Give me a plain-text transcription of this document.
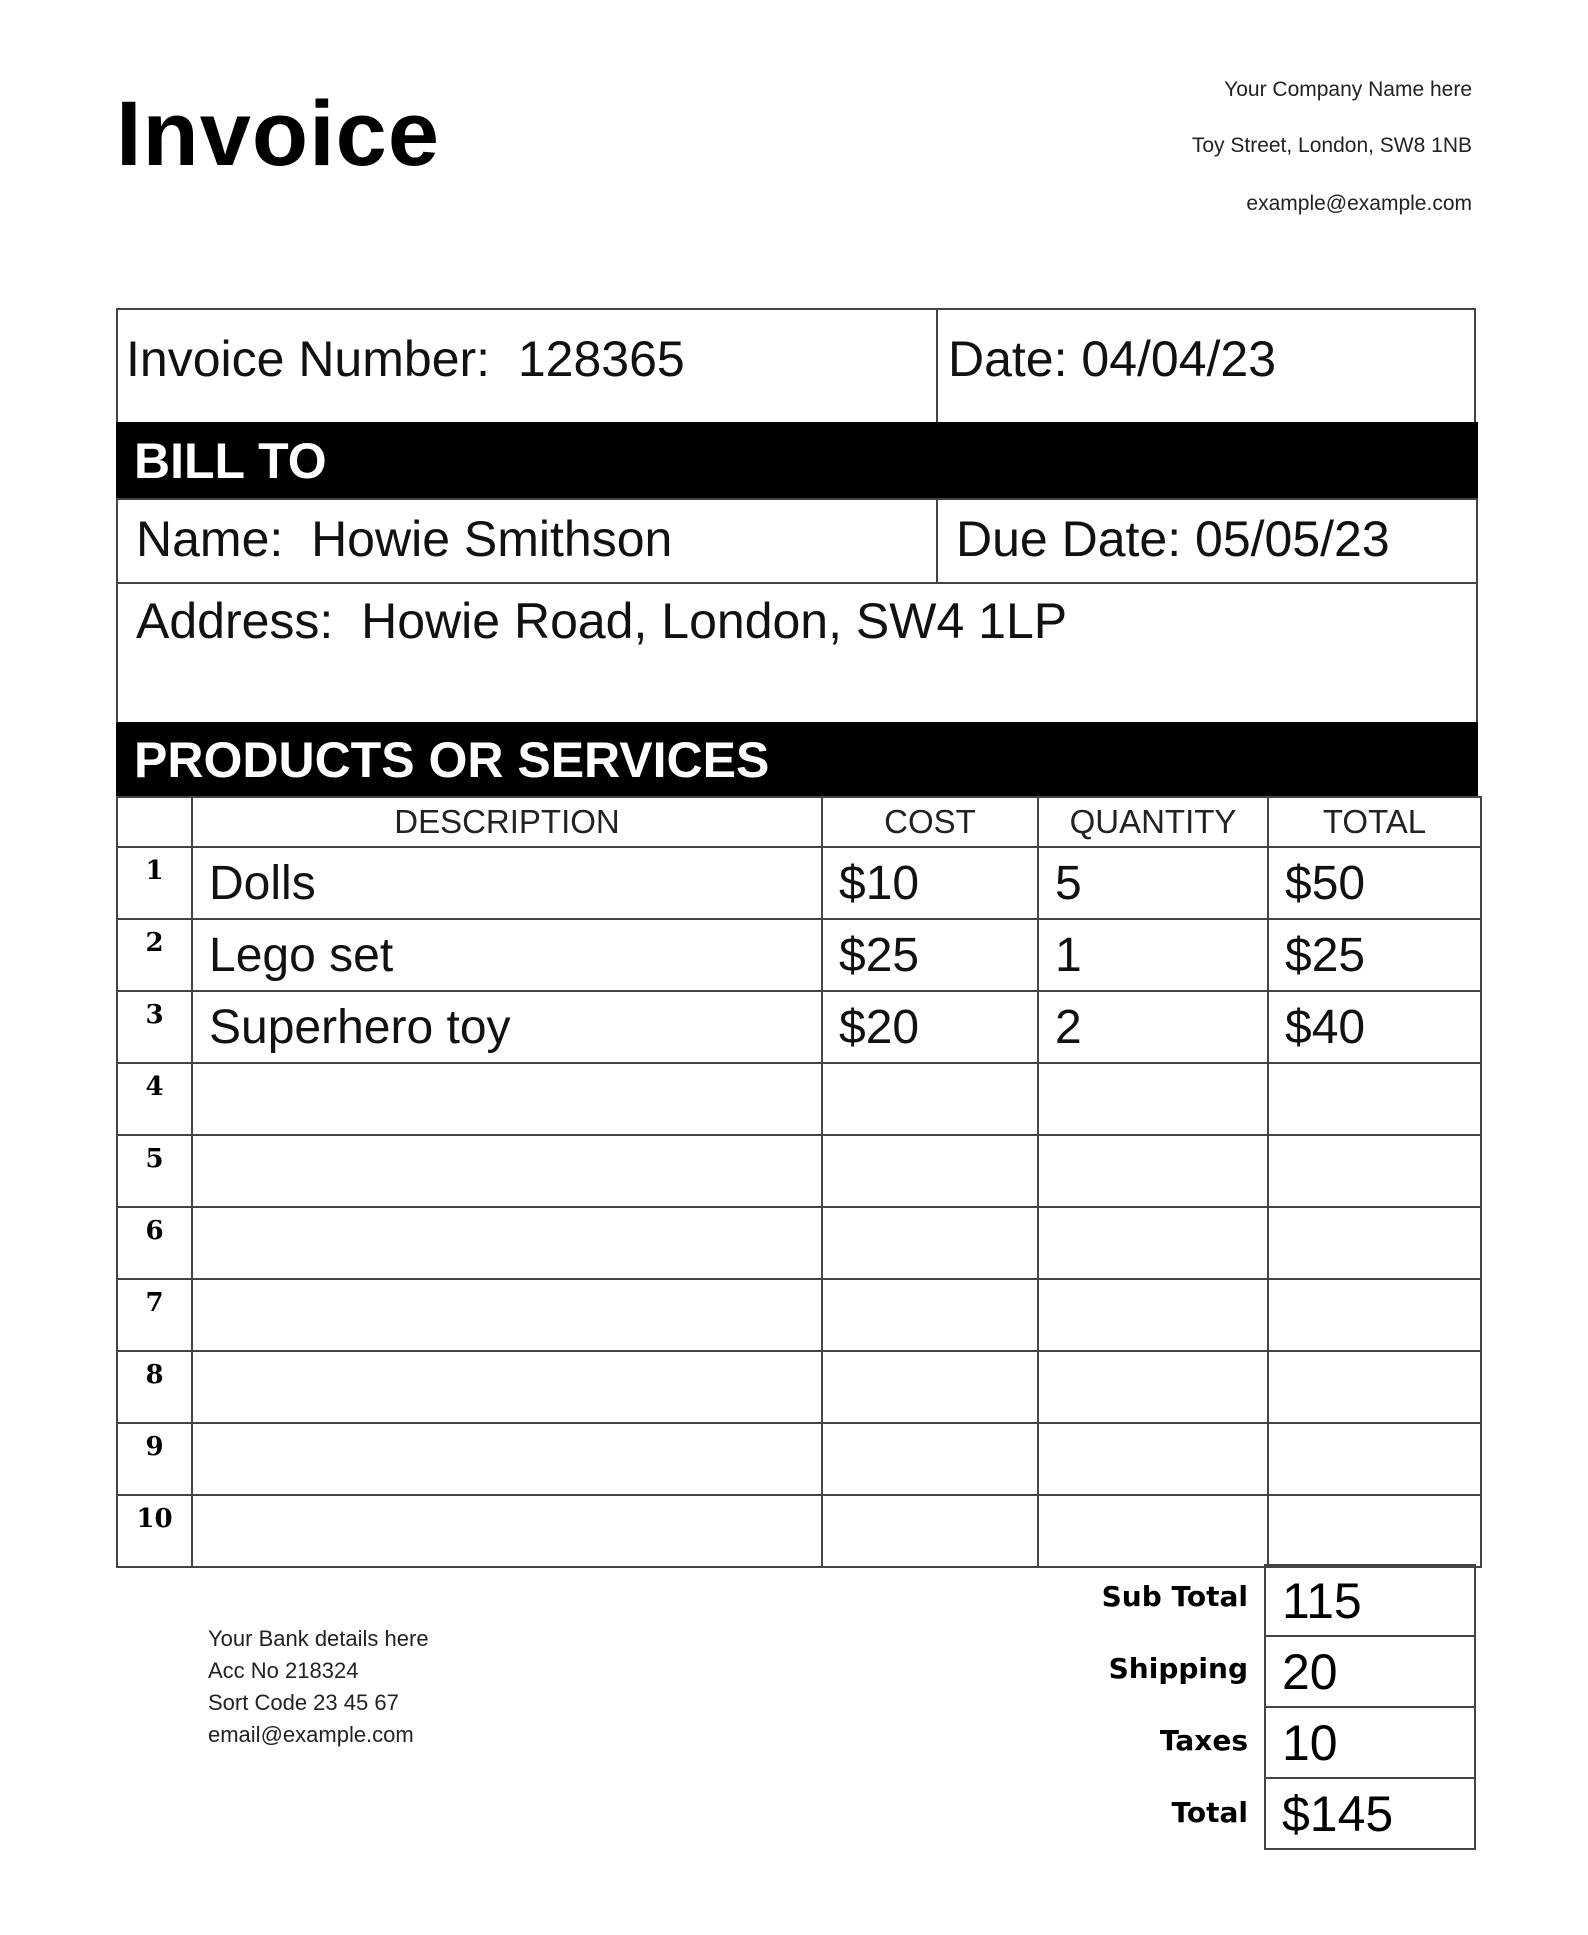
Invoice	Your Company Name here
Toy Street, London, SW8 1NB
example@example.com
Invoice Number: 128365	Date: 04/04/23
BILL TO
Name: Howie Smithson	Due Date: 05/05/23
Address: Howie Road, London, SW4 1LP
PRODUCTS OR SERVICES
	DESCRIPTION	COST	QUANTITY	TOTAL
1	Dolls	$10	5	$50
2	Lego set	$25	1	$25
3	Superhero toy	$20	2	$40
4				
5				
6				
7				
8				
9				
10				
Your Bank details here
Acc No 218324
Sort Code 23 45 67
email@example.com
Sub Total 115
Shipping 20
Taxes 10
Total $145
